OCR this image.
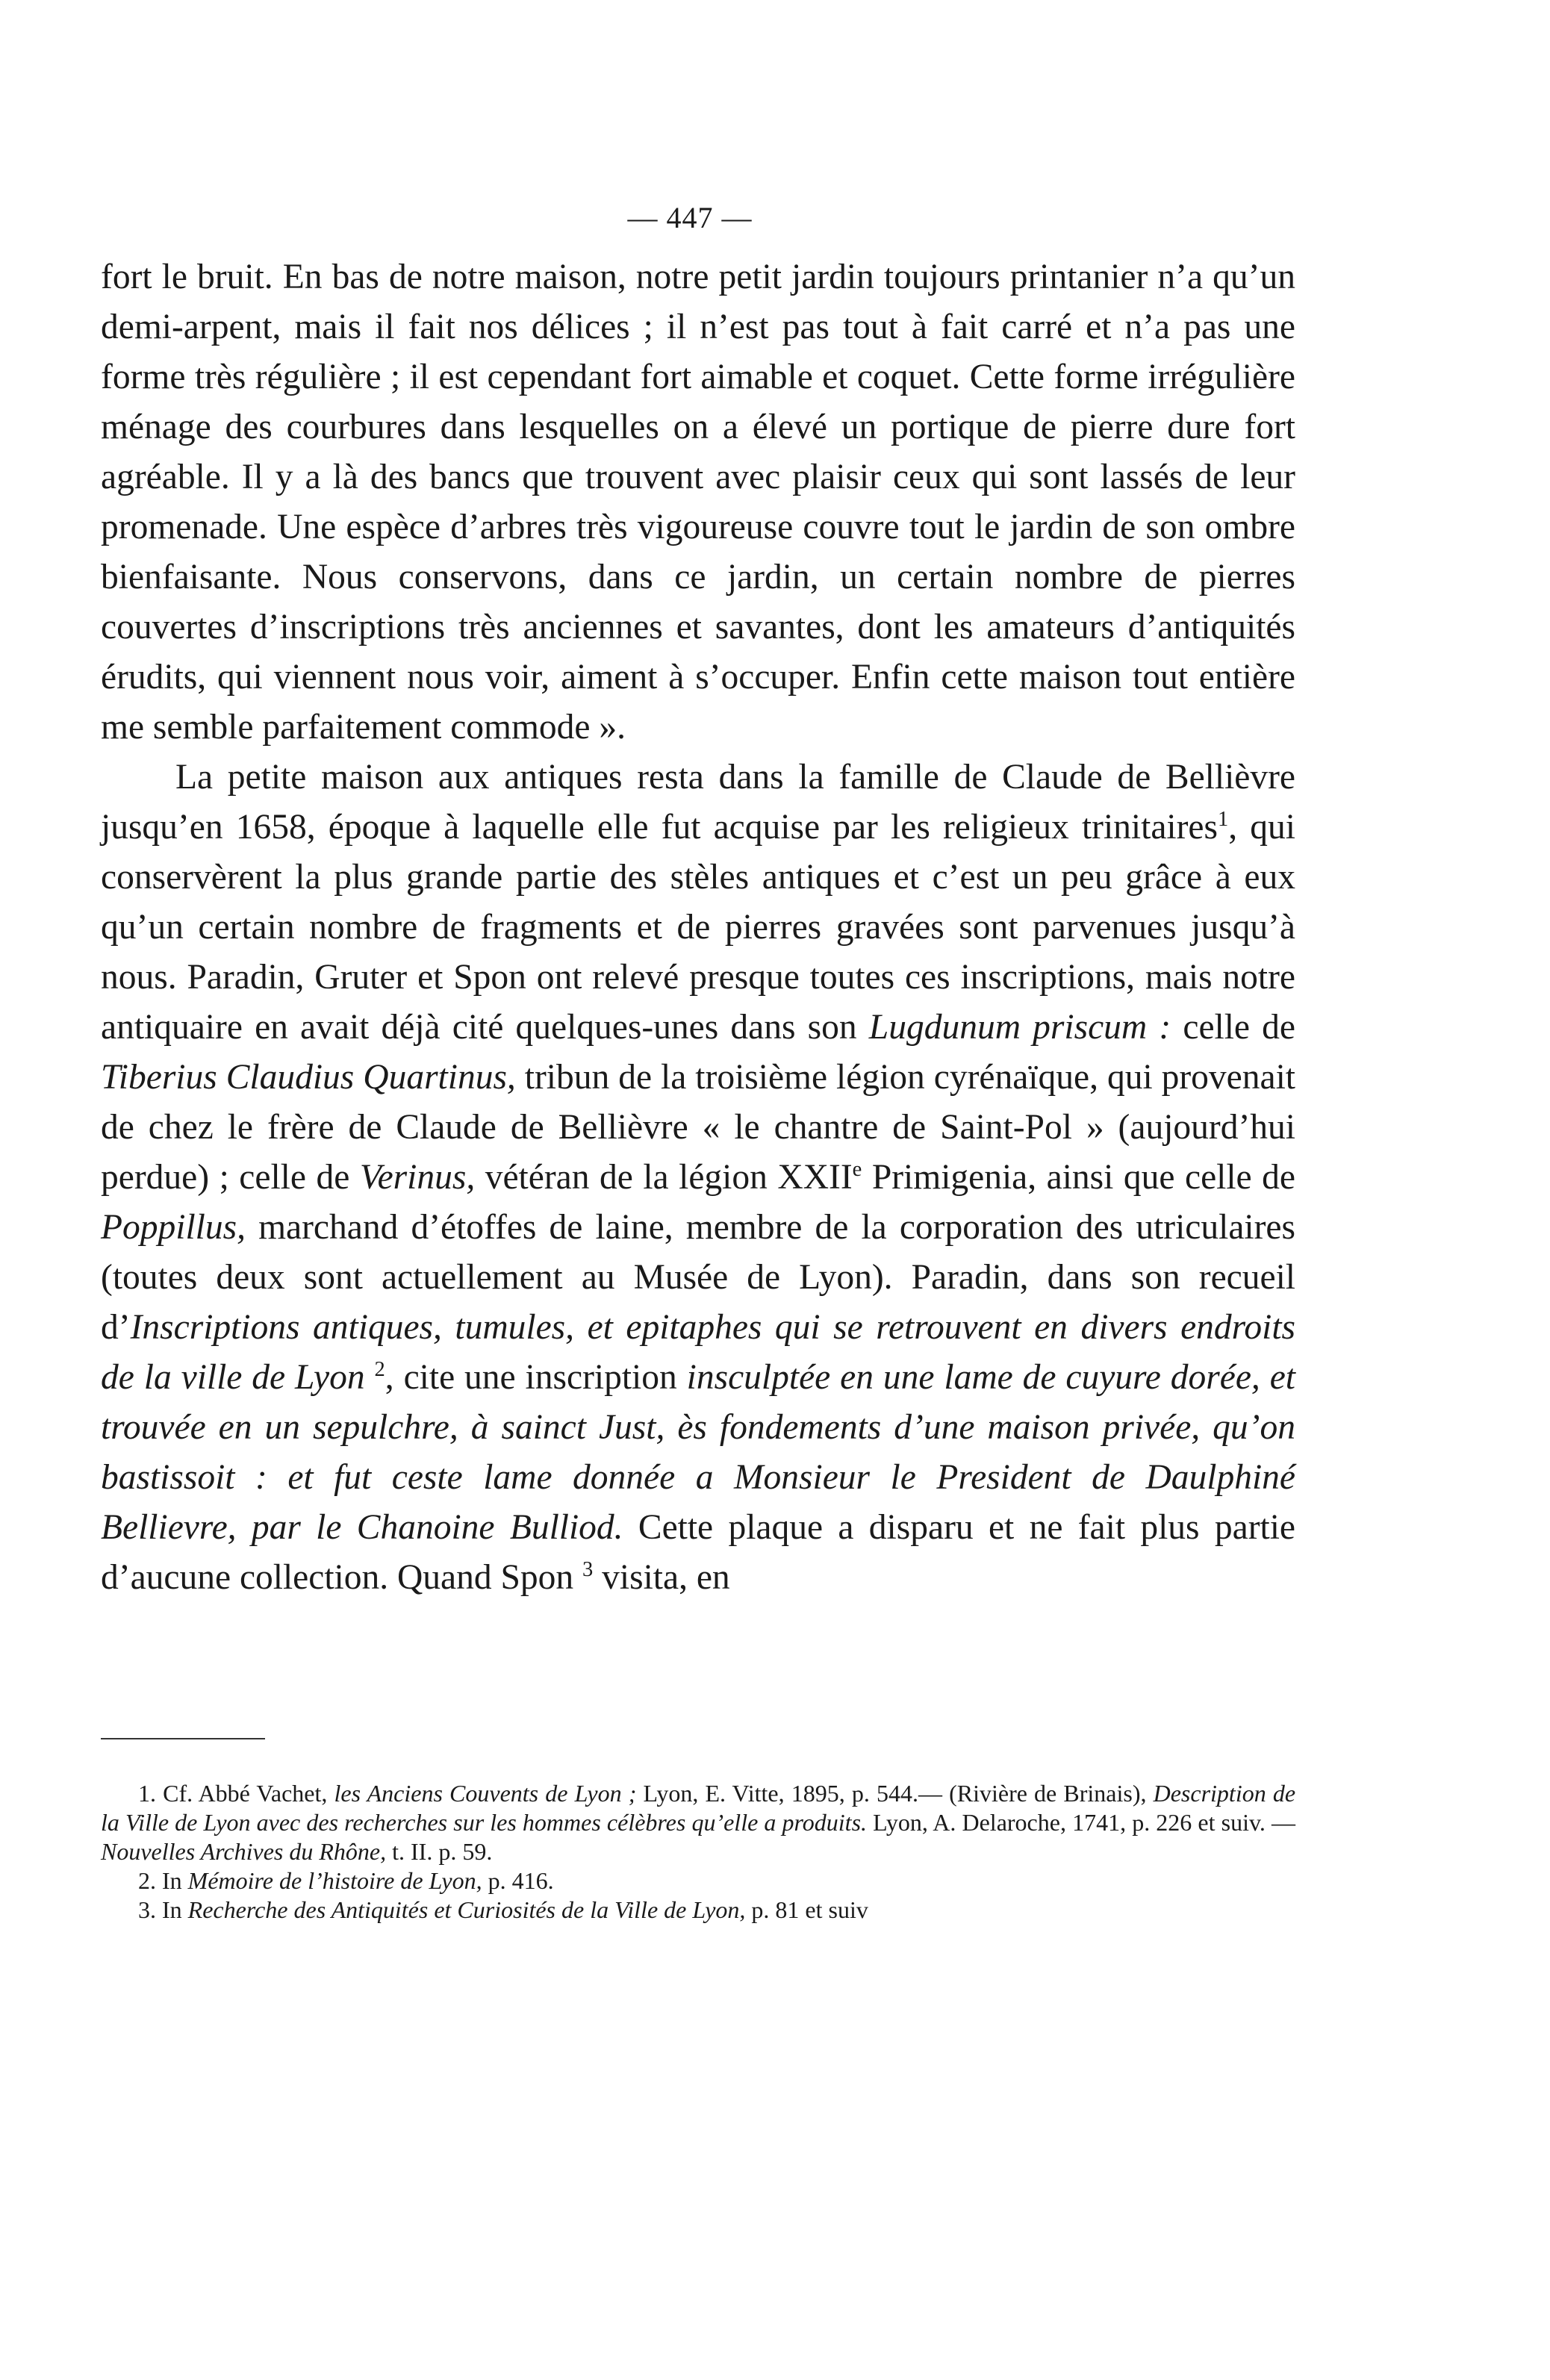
— 447 —

fort le bruit. En bas de notre maison, notre petit jardin toujours printanier n’a qu’un demi-arpent, mais il fait nos délices ; il n’est pas tout à fait carré et n’a pas une forme très régulière ; il est cependant fort aimable et coquet. Cette forme irrégulière ménage des courbures dans lesquelles on a élevé un portique de pierre dure fort agréable. Il y a là des bancs que trouvent avec plaisir ceux qui sont lassés de leur promenade. Une espèce d’arbres très vigoureuse couvre tout le jardin de son ombre bienfaisante. Nous conservons, dans ce jardin, un certain nombre de pierres couvertes d’inscriptions très anciennes et savantes, dont les amateurs d’antiquités érudits, qui viennent nous voir, aiment à s’occuper. Enfin cette maison tout entière me semble parfaitement commode ».

La petite maison aux antiques resta dans la famille de Claude de Bellièvre jusqu’en 1658, époque à laquelle elle fut acquise par les religieux trinitaires$^1$, qui conservèrent la plus grande partie des stèles antiques et c’est un peu grâce à eux qu’un certain nombre de fragments et de pierres gravées sont parvenues jusqu’à nous. Paradin, Gruter et Spon ont relevé presque toutes ces inscriptions, mais notre antiquaire en avait déjà cité quelques-unes dans son Lugdunum priscum : celle de Tiberius Claudius Quartinus, tribun de la troisième légion cyrénaïque, qui provenait de chez le frère de Claude de Bellièvre « le chantre de Saint-Pol » (aujourd’hui perdue) ; celle de Verinus, vétéran de la légion XXIIe Primigenia, ainsi que celle de Poppillus, marchand d’étoffes de laine, membre de la corporation des utriculaires (toutes deux sont actuellement au Musée de Lyon). Paradin, dans son recueil d’Inscriptions antiques, tumules, et epitaphes qui se retrouvent en divers endroits de la ville de Lyon $^2$, cite une inscription insculptée en une lame de cuyure dorée, et trouvée en un sepulchre, à sainct Just, ès fondements d’une maison privée, qu’on bastissoit : et fut ceste lame donnée a Monsieur le President de Daulphiné Bellievre, par le Chanoine Bulliod. Cette plaque a disparu et ne fait plus partie d’aucune collection. Quand Spon $^3$ visita, en

1. Cf. Abbé Vachet, les Anciens Couvents de Lyon ; Lyon, E. Vitte, 1895, p. 544.— (Rivière de Brinais), Description de la Ville de Lyon avec des recherches sur les hommes célèbres qu’elle a produits. Lyon, A. Delaroche, 1741, p. 226 et suiv. — Nouvelles Archives du Rhône, t. II. p. 59.

2. In Mémoire de l’histoire de Lyon, p. 416.

3. In Recherche des Antiquités et Curiosités de la Ville de Lyon, p. 81 et suiv
